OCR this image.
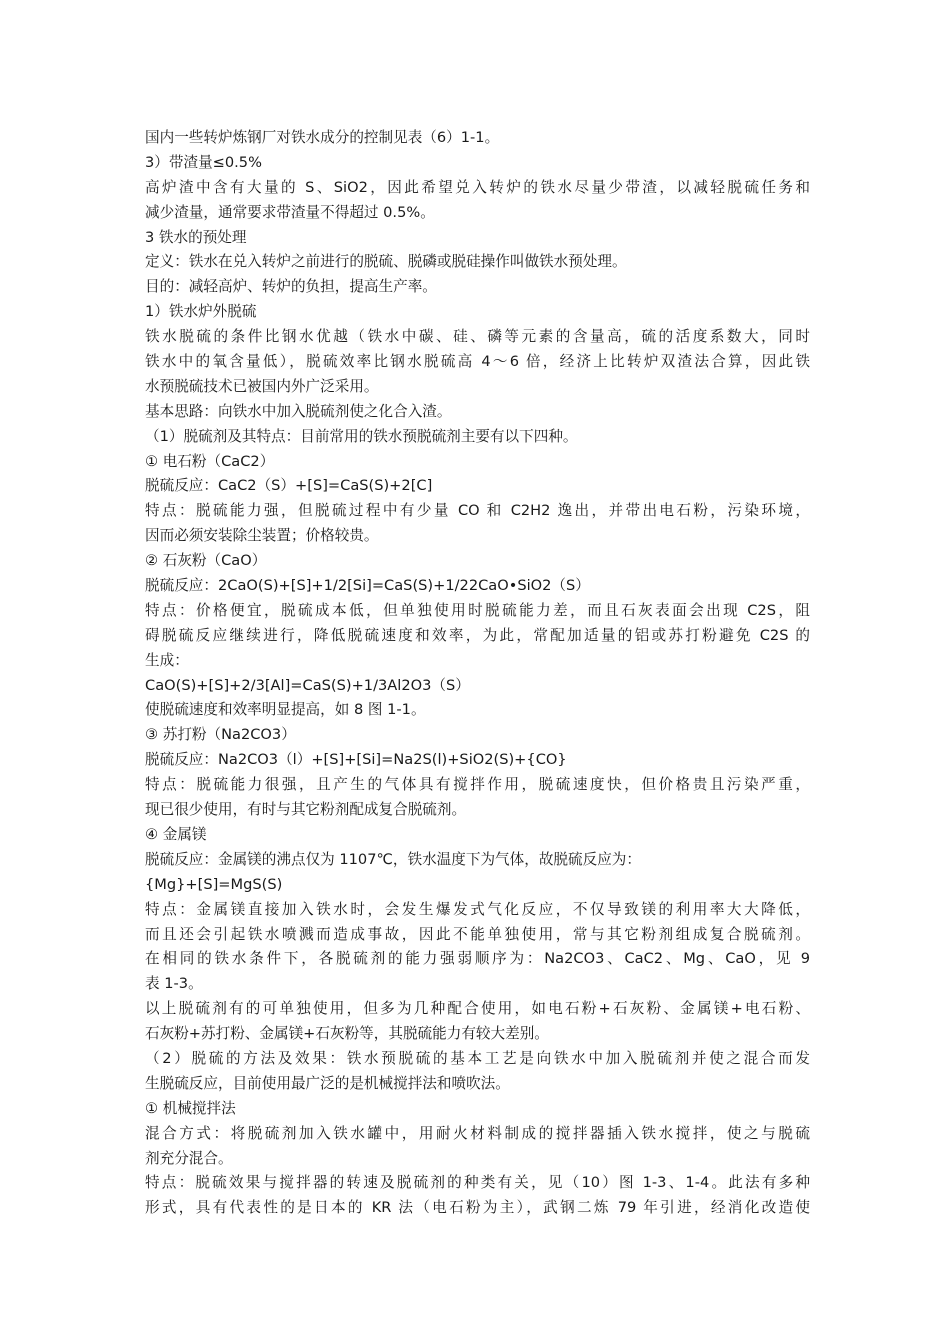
国内一些转炉炼钢厂对铁水成分的控制见表（6）1-1。
3）带渣量≤0.5%
高炉渣中含有大量的 S、SiO2，因此希望兑入转炉的铁水尽量少带渣，以减轻脱硫任务和
减少渣量，通常要求带渣量不得超过 0.5%。
3 铁水的预处理
定义：铁水在兑入转炉之前进行的脱硫、脱磷或脱硅操作叫做铁水预处理。
目的：减轻高炉、转炉的负担，提高生产率。
1）铁水炉外脱硫
铁水脱硫的条件比钢水优越（铁水中碳、硅、磷等元素的含量高，硫的活度系数大，同时
铁水中的氧含量低），脱硫效率比钢水脱硫高 4～6 倍，经济上比转炉双渣法合算，因此铁
水预脱硫技术已被国内外广泛采用。
基本思路：向铁水中加入脱硫剂使之化合入渣。
（1）脱硫剂及其特点：目前常用的铁水预脱硫剂主要有以下四种。
① 电石粉（CaC2）
脱硫反应：CaC2（S）+[S]=CaS(S)+2[C]
特点：脱硫能力强，但脱硫过程中有少量 CO 和 C2H2 逸出，并带出电石粉，污染环境，
因而必须安装除尘装置；价格较贵。
② 石灰粉（CaO）
脱硫反应：2CaO(S)+[S]+1/2[Si]=CaS(S)+1/22CaO•SiO2（S）
特点：价格便宜，脱硫成本低，但单独使用时脱硫能力差，而且石灰表面会出现 C2S，阻
碍脱硫反应继续进行，降低脱硫速度和效率，为此，常配加适量的铝或苏打粉避免 C2S 的
生成：
CaO(S)+[S]+2/3[Al]=CaS(S)+1/3Al2O3（S）
使脱硫速度和效率明显提高，如 8 图 1-1。
③ 苏打粉（Na2CO3）
脱硫反应：Na2CO3（l）+[S]+[Si]=Na2S(l)+SiO2(S)+{CO}
特点：脱硫能力很强，且产生的气体具有搅拌作用，脱硫速度快，但价格贵且污染严重，
现已很少使用，有时与其它粉剂配成复合脱硫剂。
④ 金属镁
脱硫反应：金属镁的沸点仅为 1107℃，铁水温度下为气体，故脱硫反应为：
{Mg}+[S]=MgS(S)
特点：金属镁直接加入铁水时，会发生爆发式气化反应，不仅导致镁的利用率大大降低，
而且还会引起铁水喷溅而造成事故，因此不能单独使用，常与其它粉剂组成复合脱硫剂。
在相同的铁水条件下，各脱硫剂的能力强弱顺序为：Na2CO3、CaC2、Mg、CaO，见 9
表 1-3。
以上脱硫剂有的可单独使用，但多为几种配合使用，如电石粉+石灰粉、金属镁+电石粉、
石灰粉+苏打粉、金属镁+石灰粉等，其脱硫能力有较大差别。
（2）脱硫的方法及效果：铁水预脱硫的基本工艺是向铁水中加入脱硫剂并使之混合而发
生脱硫反应，目前使用最广泛的是机械搅拌法和喷吹法。
① 机械搅拌法
混合方式：将脱硫剂加入铁水罐中，用耐火材料制成的搅拌器插入铁水搅拌，使之与脱硫
剂充分混合。
特点：脱硫效果与搅拌器的转速及脱硫剂的种类有关，见（10）图 1-3、1-4。此法有多种
形式，具有代表性的是日本的 KR 法（电石粉为主），武钢二炼 79 年引进，经消化改造使
